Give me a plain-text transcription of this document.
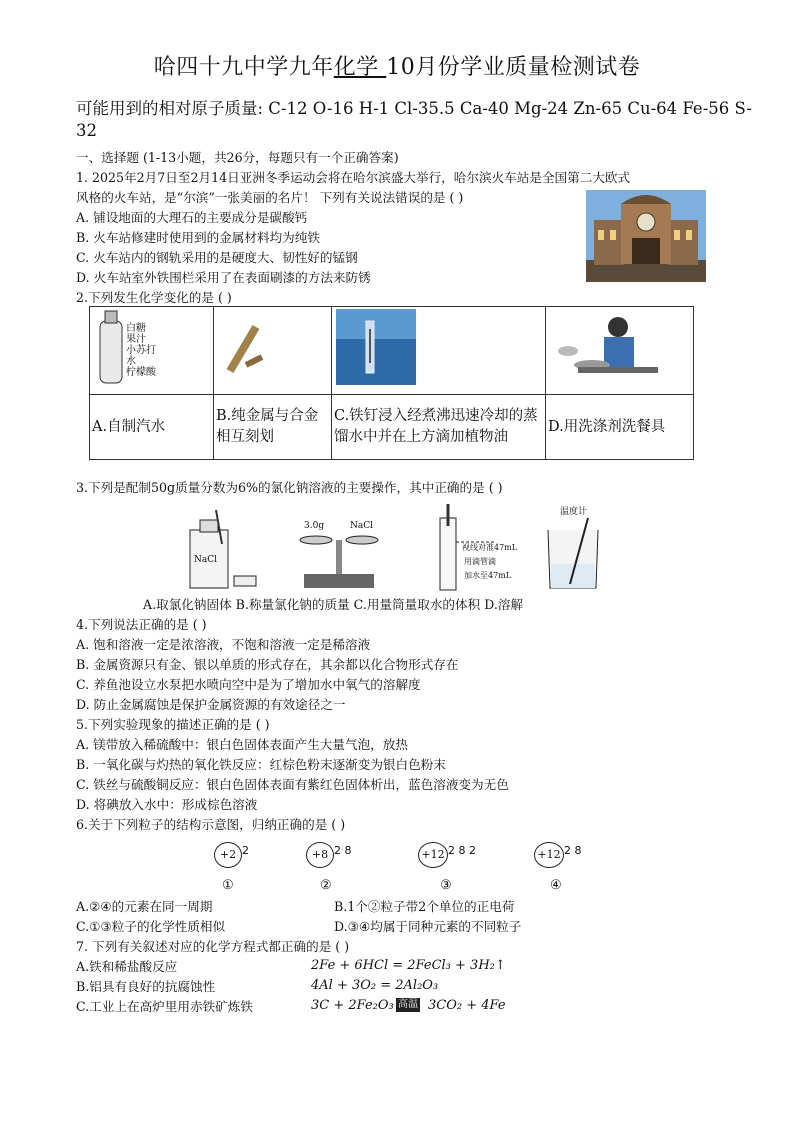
哈四十九中学九年化学 10月份学业质量检测试卷
可能用到的相对原子质量: C-12 O-16 H-1 Cl-35.5 Ca-40 Mg-24 Zn-65 Cu-64 Fe-56 S-32
一、选择题 (1-13小题，共26分，每题只有一个正确答案)
1. 2025年2月7日至2月14日亚洲冬季运动会将在哈尔滨盛大举行，哈尔滨火车站是全国第二大欧式
风格的火车站，是“尔滨”一张美丽的名片！ 下列有关说法错误的是 ( )
A. 铺设地面的大理石的主要成分是碳酸钙
B. 火车站修建时使用到的金属材料均为纯铁
C. 火车站内的钢轨采用的是硬度大、韧性好的锰钢
D. 火车站室外铁围栏采用了在表面刷漆的方法来防锈
2.下列发生化学变化的是 ( )
白糖
果汁
小苏打
水
柠檬酸

A.自制汽水	B.纯金属与合金相互刻划	C.铁钉浸入经煮沸迅速冷却的蒸馏水中并在上方滴加植物油	D.用洗涤剂洗餐具
3.下列是配制50g质量分数为6%的氯化钠溶液的主要操作，其中正确的是 ( )
NaCl
3.0g	NaCl
视线对准47mL
用滴管滴
加水至47mL
温度计
A.取氯化钠固体 B.称量氯化钠的质量 C.用量筒量取水的体积 D.溶解
4.下列说法正确的是 ( )
A. 饱和溶液一定是浓溶液，不饱和溶液一定是稀溶液
B. 金属资源只有金、银以单质的形式存在，其余都以化合物形式存在
C. 养鱼池设立水泵把水喷向空中是为了增加水中氧气的溶解度
D. 防止金属腐蚀是保护金属资源的有效途径之一
5.下列实验现象的描述正确的是 ( )
A. 镁带放入稀硫酸中：银白色固体表面产生大量气泡，放热
B. 一氧化碳与灼热的氧化铁反应：红棕色粉末逐渐变为银白色粉末
C. 铁丝与硫酸铜反应：银白色固体表面有紫红色固体析出，蓝色溶液变为无色
D. 将碘放入水中：形成棕色溶液
6.关于下列粒子的结构示意图，归纳正确的是 ( )
+2 2
①
+8 2 8
②
+12 2 8 2
③
+12 2 8
④
A.②④的元素在同一周期	B.1个②粒子带2个单位的正电荷
C.①③粒子的化学性质相似	D.③④均属于同种元素的不同粒子
7. 下列有关叙述对应的化学方程式都正确的是 ( )
A.铁和稀盐酸反应	2Fe + 6HCl = 2FeCl₃ + 3H₂↑
B.铝具有良好的抗腐蚀性	4Al + 3O₂ = 2Al₂O₃
C.工业上在高炉里用赤铁矿炼铁	3C + 2Fe₂O₃ 高温 3CO₂ + 4Fe
